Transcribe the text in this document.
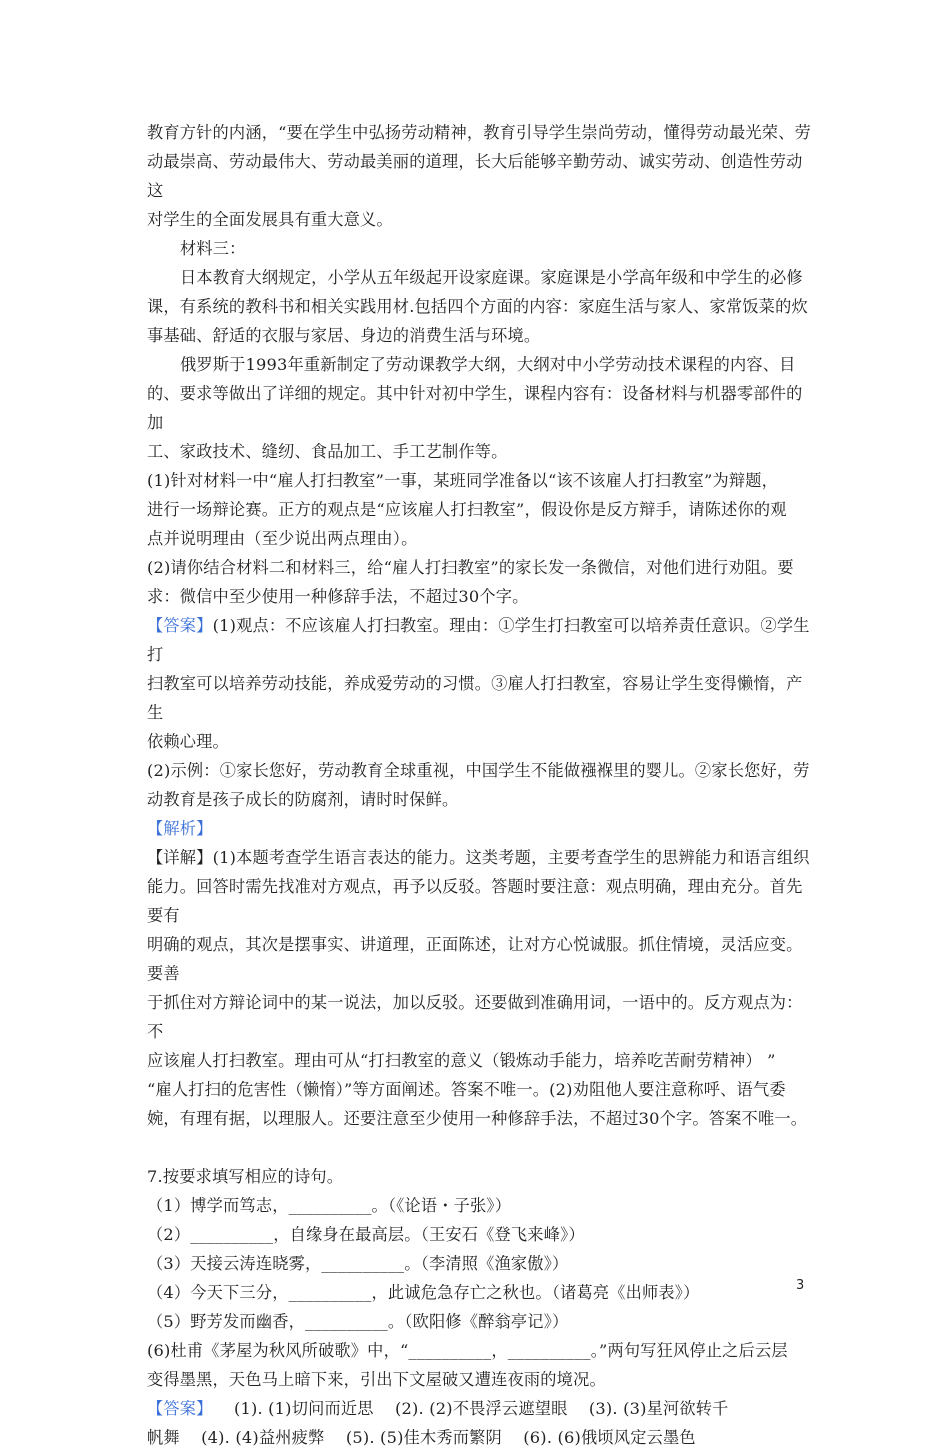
教育方针的内涵，“要在学生中弘扬劳动精神，教育引导学生崇尚劳动，懂得劳动最光荣、劳

动最崇高、劳动最伟大、劳动最美丽的道理，长大后能够辛勤劳动、诚实劳动、创造性劳动这

对学生的全面发展具有重大意义。

材料三：

日本教育大纲规定，小学从五年级起开设家庭课。家庭课是小学高年级和中学生的必修

课，有系统的教科书和相关实践用材.包括四个方面的内容：家庭生活与家人、家常饭菜的炊

事基础、舒适的衣服与家居、身边的消费生活与环境。

俄罗斯于1993年重新制定了劳动课教学大纲，大纲对中小学劳动技术课程的内容、目

的、要求等做出了详细的规定。其中针对初中学生，课程内容有：设备材料与机器零部件的加

工、家政技术、缝纫、食品加工、手工艺制作等。

(1)针对材料一中“雇人打扫教室”一事，某班同学准备以“该不该雇人打扫教室”为辩题，

进行一场辩论赛。正方的观点是“应该雇人打扫教室”，假设你是反方辩手，请陈述你的观

点并说明理由（至少说出两点理由）。

(2)请你结合材料二和材料三，给“雇人打扫教室”的家长发一条微信，对他们进行劝阻。要

求：微信中至少使用一种修辞手法，不超过30个字。

【答案】(1)观点：不应该雇人打扫教室。理由：①学生打扫教室可以培养责任意识。②学生打

扫教室可以培养劳动技能，养成爱劳动的习惯。③雇人打扫教室，容易让学生变得懒惰，产生

依赖心理。

(2)示例：①家长您好，劳动教育全球重视，中国学生不能做襁褓里的婴儿。②家长您好，劳

动教育是孩子成长的防腐剂，请时时保鲜。

【解析】

【详解】(1)本题考查学生语言表达的能力。这类考题，主要考查学生的思辨能力和语言组织

能力。回答时需先找准对方观点，再予以反驳。答题时要注意：观点明确，理由充分。首先要有

明确的观点，其次是摆事实、讲道理，正面陈述，让对方心悦诚服。抓住情境，灵活应变。要善

于抓住对方辩论词中的某一说法，加以反驳。还要做到准确用词，一语中的。反方观点为：不

应该雇人打扫教室。理由可从“打扫教室的意义（锻炼动手能力，培养吃苦耐劳精神） ”

“雇人打扫的危害性（懒惰）”等方面阐述。答案不唯一。(2)劝阻他人要注意称呼、语气委

婉，有理有据，以理服人。还要注意至少使用一种修辞手法，不超过30个字。答案不唯一。

7.按要求填写相应的诗句。

（1）博学而笃志，__________。（《论语・子张》）

（2）__________，自缘身在最高层。（王安石《登飞来峰》）

（3）天接云涛连晓雾，__________。（李清照《渔家傲》）

（4）今天下三分，__________，此诚危急存亡之秋也。（诸葛亮《出师表》）

（5）野芳发而幽香，__________。（欧阳修《醉翁亭记》）

(6)杜甫《茅屋为秋风所破歌》中，“__________，__________。”两句写狂风停止之后云层

变得墨黑，天色马上暗下来，引出下文屋破又遭连夜雨的境况。

【答案】    (1). (1)切问而近思    (2). (2)不畏浮云遮望眼    (3). (3)星河欲转千

帆舞    (4). (4)益州疲弊    (5). (5)佳木秀而繁阴    (6). (6)俄顷风定云墨色

3
